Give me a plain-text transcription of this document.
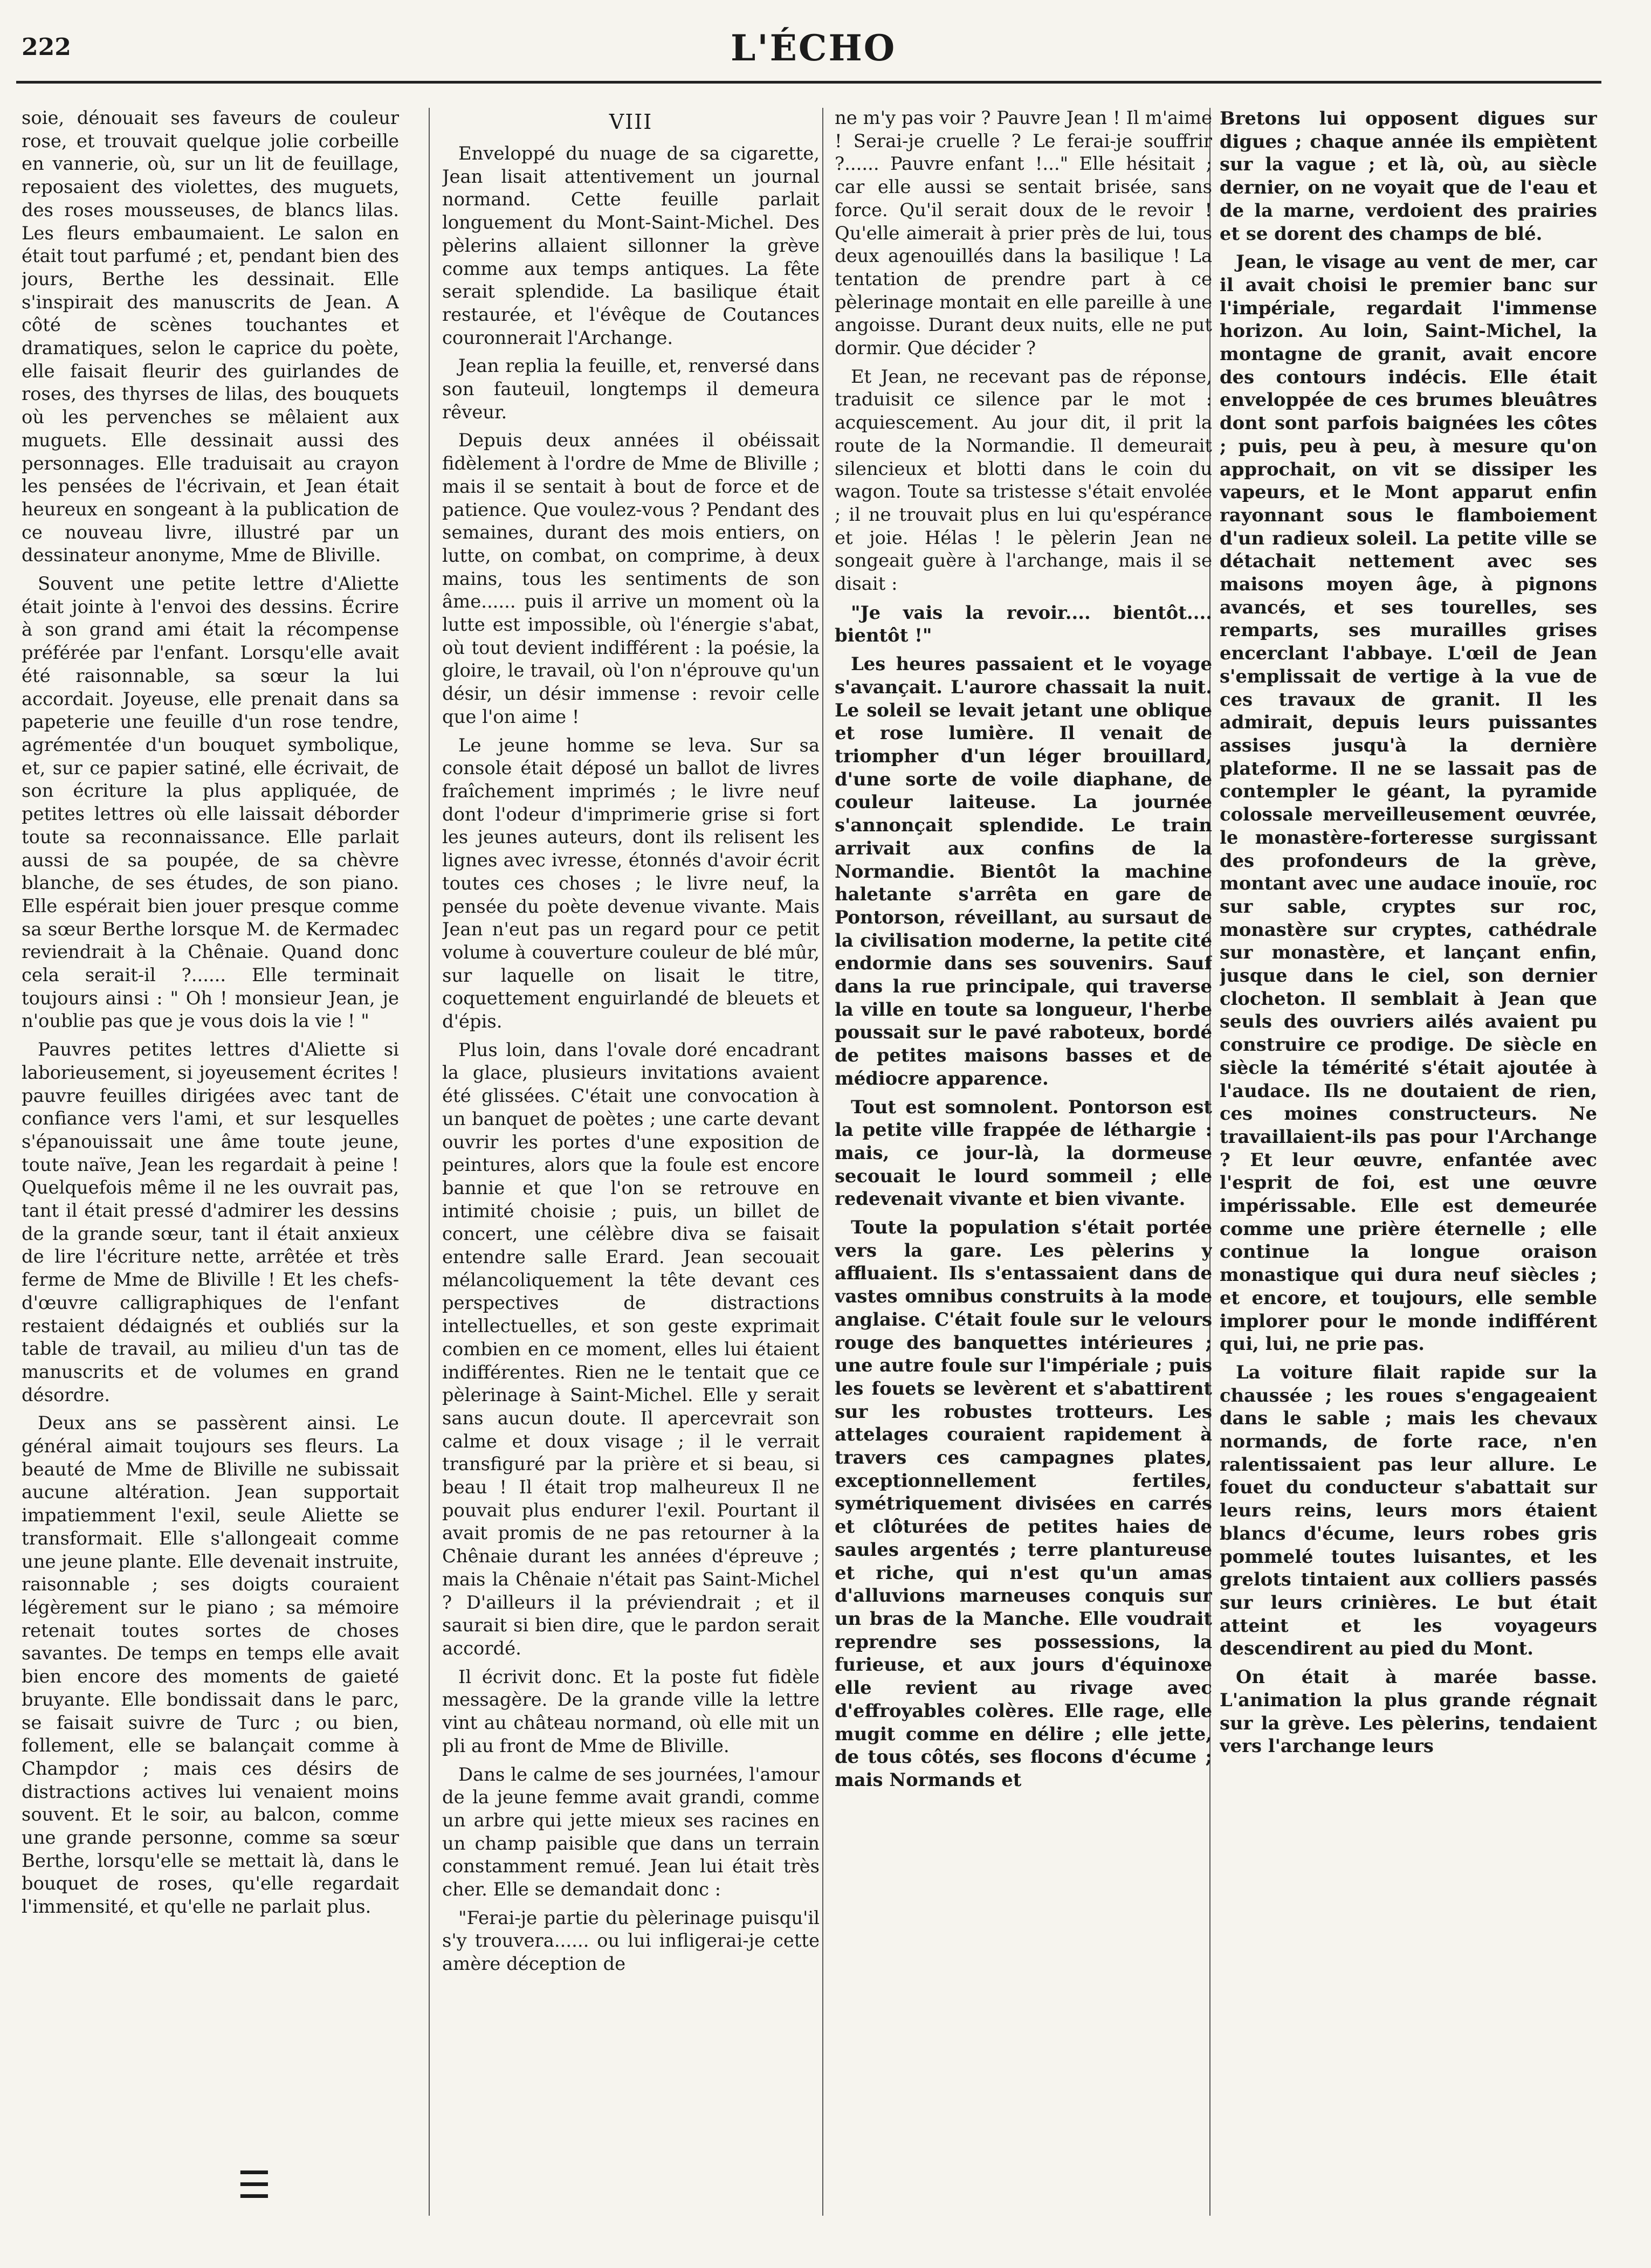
222	L'ÉCHO

soie, dénouait ses faveurs de couleur rose, et trouvait quelque jolie corbeille en vannerie, où, sur un lit de feuillage, reposaient des violettes, des muguets, des roses mousseuses, de blancs lilas. Les fleurs embaumaient. Le salon en était tout parfumé ; et, pendant bien des jours, Berthe les dessinait. Elle s'inspirait des manuscrits de Jean. A côté de scènes touchantes et dramatiques, selon le caprice du poète, elle faisait fleurir des guirlandes de roses, des thyrses de lilas, des bouquets où les pervenches se mêlaient aux muguets. Elle dessinait aussi des personnages. Elle traduisait au crayon les pensées de l'écrivain, et Jean était heureux en songeant à la publication de ce nouveau livre, illustré par un dessinateur anonyme, Mme de Bliville.

Souvent une petite lettre d'Aliette était jointe à l'envoi des dessins. Écrire à son grand ami était la récompense préférée par l'enfant. Lorsqu'elle avait été raisonnable, sa sœur la lui accordait. Joyeuse, elle prenait dans sa papeterie une feuille d'un rose tendre, agrémentée d'un bouquet symbolique, et, sur ce papier satiné, elle écrivait, de son écriture la plus appliquée, de petites lettres où elle laissait déborder toute sa reconnaissance. Elle parlait aussi de sa poupée, de sa chèvre blanche, de ses études, de son piano. Elle espérait bien jouer presque comme sa sœur Berthe lorsque M. de Kermadec reviendrait à la Chênaie. Quand donc cela serait-il ?...... Elle terminait toujours ainsi : " Oh ! monsieur Jean, je n'oublie pas que je vous dois la vie ! "

Pauvres petites lettres d'Aliette si laborieusement, si joyeusement écrites ! pauvre feuilles dirigées avec tant de confiance vers l'ami, et sur lesquelles s'épanouissait une âme toute jeune, toute naïve, Jean les regardait à peine ! Quelquefois même il ne les ouvrait pas, tant il était pressé d'admirer les dessins de la grande sœur, tant il était anxieux de lire l'écriture nette, arrêtée et très ferme de Mme de Bliville ! Et les chefs-d'œuvre calligraphiques de l'enfant restaient dédaignés et oubliés sur la table de travail, au milieu d'un tas de manuscrits et de volumes en grand désordre.

Deux ans se passèrent ainsi. Le général aimait toujours ses fleurs. La beauté de Mme de Bliville ne subissait aucune altération. Jean supportait impatiemment l'exil, seule Aliette se transformait. Elle s'allongeait comme une jeune plante. Elle devenait instruite, raisonnable ; ses doigts couraient légèrement sur le piano ; sa mémoire retenait toutes sortes de choses savantes. De temps en temps elle avait bien encore des moments de gaieté bruyante. Elle bondissait dans le parc, se faisait suivre de Turc ; ou bien, follement, elle se balançait comme à Champdor ; mais ces désirs de distractions actives lui venaient moins souvent. Et le soir, au balcon, comme une grande personne, comme sa sœur Berthe, lorsqu'elle se mettait là, dans le bouquet de roses, qu'elle regardait l'immensité, et qu'elle ne parlait plus.

VIII

Enveloppé du nuage de sa cigarette, Jean lisait attentivement un journal normand. Cette feuille parlait longuement du Mont-Saint-Michel. Des pèlerins allaient sillonner la grève comme aux temps antiques. La fête serait splendide. La basilique était restaurée, et l'évêque de Coutances couronnerait l'Archange.

Jean replia la feuille, et, renversé dans son fauteuil, longtemps il demeura rêveur.

Depuis deux années il obéissait fidèlement à l'ordre de Mme de Bliville ; mais il se sentait à bout de force et de patience. Que voulez-vous ? Pendant des semaines, durant des mois entiers, on lutte, on combat, on comprime, à deux mains, tous les sentiments de son âme...... puis il arrive un moment où la lutte est impossible, où l'énergie s'abat, où tout devient indifférent : la poésie, la gloire, le travail, où l'on n'éprouve qu'un désir, un désir immense : revoir celle que l'on aime !

Le jeune homme se leva. Sur sa console était déposé un ballot de livres fraîchement imprimés ; le livre neuf dont l'odeur d'imprimerie grise si fort les jeunes auteurs, dont ils relisent les lignes avec ivresse, étonnés d'avoir écrit toutes ces choses ; le livre neuf, la pensée du poète devenue vivante. Mais Jean n'eut pas un regard pour ce petit volume à couverture couleur de blé mûr, sur laquelle on lisait le titre, coquettement enguirlandé de bleuets et d'épis.

Plus loin, dans l'ovale doré encadrant la glace, plusieurs invitations avaient été glissées. C'était une convocation à un banquet de poètes ; une carte devant ouvrir les portes d'une exposition de peintures, alors que la foule est encore bannie et que l'on se retrouve en intimité choisie ; puis, un billet de concert, une célèbre diva se faisait entendre salle Erard. Jean secouait mélancoliquement la tête devant ces perspectives de distractions intellectuelles, et son geste exprimait combien en ce moment, elles lui étaient indifférentes. Rien ne le tentait que ce pèlerinage à Saint-Michel. Elle y serait sans aucun doute. Il apercevrait son calme et doux visage ; il le verrait transfiguré par la prière et si beau, si beau ! Il était trop malheureux Il ne pouvait plus endurer l'exil. Pourtant il avait promis de ne pas retourner à la Chênaie durant les années d'épreuve ; mais la Chênaie n'était pas Saint-Michel ? D'ailleurs il la préviendrait ; et il saurait si bien dire, que le pardon serait accordé.

Il écrivit donc. Et la poste fut fidèle messagère. De la grande ville la lettre vint au château normand, où elle mit un pli au front de Mme de Bliville.

Dans le calme de ses journées, l'amour de la jeune femme avait grandi, comme un arbre qui jette mieux ses racines en un champ paisible que dans un terrain constamment remué. Jean lui était très cher. Elle se demandait donc :

"Ferai-je partie du pèlerinage puisqu'il s'y trouvera...... ou lui infligerai-je cette amère déception de

ne m'y pas voir ? Pauvre Jean ! Il m'aime ! Serai-je cruelle ? Le ferai-je souffrir ?...... Pauvre enfant !..." Elle hésitait ; car elle aussi se sentait brisée, sans force. Qu'il serait doux de le revoir ! Qu'elle aimerait à prier près de lui, tous deux agenouillés dans la basilique ! La tentation de prendre part à ce pèlerinage montait en elle pareille à une angoisse. Durant deux nuits, elle ne put dormir. Que décider ?

Et Jean, ne recevant pas de réponse, traduisit ce silence par le mot : acquiescement. Au jour dit, il prit la route de la Normandie. Il demeurait silencieux et blotti dans le coin du wagon. Toute sa tristesse s'était envolée ; il ne trouvait plus en lui qu'espérance et joie. Hélas ! le pèlerin Jean ne songeait guère à l'archange, mais il se disait :

"Je vais la revoir.... bientôt.... bientôt !"

Les heures passaient et le voyage s'avançait. L'aurore chassait la nuit. Le soleil se levait jetant une oblique et rose lumière. Il venait de triompher d'un léger brouillard, d'une sorte de voile diaphane, de couleur laiteuse. La journée s'annonçait splendide. Le train arrivait aux confins de la Normandie. Bientôt la machine haletante s'arrêta en gare de Pontorson, réveillant, au sursaut de la civilisation moderne, la petite cité endormie dans ses souvenirs. Sauf dans la rue principale, qui traverse la ville en toute sa longueur, l'herbe poussait sur le pavé raboteux, bordé de petites maisons basses et de médiocre apparence.

Tout est somnolent. Pontorson est la petite ville frappée de léthargie : mais, ce jour-là, la dormeuse secouait le lourd sommeil ; elle redevenait vivante et bien vivante.

Toute la population s'était portée vers la gare. Les pèlerins y affluaient. Ils s'entassaient dans de vastes omnibus construits à la mode anglaise. C'était foule sur le velours rouge des banquettes intérieures ; une autre foule sur l'impériale ; puis les fouets se levèrent et s'abattirent sur les robustes trotteurs. Les attelages couraient rapidement à travers ces campagnes plates, exceptionnellement fertiles, symétriquement divisées en carrés et clôturées de petites haies de saules argentés ; terre plantureuse et riche, qui n'est qu'un amas d'alluvions marneuses conquis sur un bras de la Manche. Elle voudrait reprendre ses possessions, la furieuse, et aux jours d'équinoxe elle revient au rivage avec d'effroyables colères. Elle rage, elle mugit comme en délire ; elle jette, de tous côtés, ses flocons d'écume ; mais Normands et

Bretons lui opposent digues sur digues ; chaque année ils empiètent sur la vague ; et là, où, au siècle dernier, on ne voyait que de l'eau et de la marne, verdoient des prairies et se dorent des champs de blé.

Jean, le visage au vent de mer, car il avait choisi le premier banc sur l'impériale, regardait l'immense horizon. Au loin, Saint-Michel, la montagne de granit, avait encore des contours indécis. Elle était enveloppée de ces brumes bleuâtres dont sont parfois baignées les côtes ; puis, peu à peu, à mesure qu'on approchait, on vit se dissiper les vapeurs, et le Mont apparut enfin rayonnant sous le flamboiement d'un radieux soleil. La petite ville se détachait nettement avec ses maisons moyen âge, à pignons avancés, et ses tourelles, ses remparts, ses murailles grises encerclant l'abbaye. L'œil de Jean s'emplissait de vertige à la vue de ces travaux de granit. Il les admirait, depuis leurs puissantes assises jusqu'à la dernière plateforme. Il ne se lassait pas de contempler le géant, la pyramide colossale merveilleusement œuvrée, le monastère-forteresse surgissant des profondeurs de la grève, montant avec une audace inouïe, roc sur sable, cryptes sur roc, monastère sur cryptes, cathédrale sur monastère, et lançant enfin, jusque dans le ciel, son dernier clocheton. Il semblait à Jean que seuls des ouvriers ailés avaient pu construire ce prodige. De siècle en siècle la témérité s'était ajoutée à l'audace. Ils ne doutaient de rien, ces moines constructeurs. Ne travaillaient-ils pas pour l'Archange ? Et leur œuvre, enfantée avec l'esprit de foi, est une œuvre impérissable. Elle est demeurée comme une prière éternelle ; elle continue la longue oraison monastique qui dura neuf siècles ; et encore, et toujours, elle semble implorer pour le monde indifférent qui, lui, ne prie pas.

La voiture filait rapide sur la chaussée ; les roues s'engageaient dans le sable ; mais les chevaux normands, de forte race, n'en ralentissaient pas leur allure. Le fouet du conducteur s'abattait sur leurs reins, leurs mors étaient blancs d'écume, leurs robes gris pommelé toutes luisantes, et les grelots tintaient aux colliers passés sur leurs crinières. Le but était atteint et les voyageurs descendirent au pied du Mont.

On était à marée basse. L'animation la plus grande régnait sur la grève. Les pèlerins, tendaient vers l'archange leurs

☰
